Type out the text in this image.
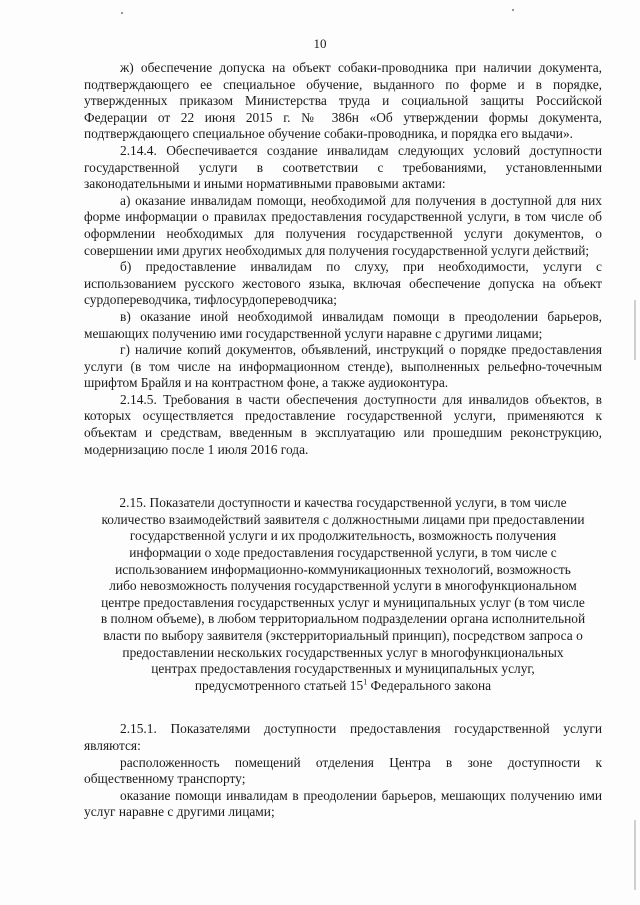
10

ж) обеспечение допуска на объект собаки-проводника при наличии документа, подтверждающего ее специальное обучение, выданного по форме и в порядке, утвержденных приказом Министерства труда и социальной защиты Российской Федерации от 22 июня 2015 г. № 386н «Об утверждении формы документа, подтверждающего специальное обучение собаки-проводника, и порядка его выдачи».

2.14.4. Обеспечивается создание инвалидам следующих условий доступности государственной услуги в соответствии с требованиями, установленными законодательными и иными нормативными правовыми актами:

а) оказание инвалидам помощи, необходимой для получения в доступной для них форме информации о правилах предоставления государственной услуги, в том числе об оформлении необходимых для получения государственной услуги документов, о совершении ими других необходимых для получения государственной услуги действий;

б) предоставление инвалидам по слуху, при необходимости, услуги с использованием русского жестового языка, включая обеспечение допуска на объект сурдопереводчика, тифлосурдопереводчика;

в) оказание иной необходимой инвалидам помощи в преодолении барьеров, мешающих получению ими государственной услуги наравне с другими лицами;

г) наличие копий документов, объявлений, инструкций о порядке предоставления услуги (в том числе на информационном стенде), выполненных рельефно-точечным шрифтом Брайля и на контрастном фоне, а также аудиоконтура.

2.14.5. Требования в части обеспечения доступности для инвалидов объектов, в которых осуществляется предоставление государственной услуги, применяются к объектам и средствам, введенным в эксплуатацию или прошедшим реконструкцию, модернизацию после 1 июля 2016 года.

2.15. Показатели доступности и качества государственной услуги, в том числе
количество взаимодействий заявителя с должностными лицами при предоставлении
государственной услуги и их продолжительность, возможность получения
информации о ходе предоставления государственной услуги, в том числе с
использованием информационно-коммуникационных технологий, возможность
либо невозможность получения государственной услуги в многофункциональном
центре предоставления государственных услуг и муниципальных услуг (в том числе
в полном объеме), в любом территориальном подразделении органа исполнительной
власти по выбору заявителя (экстерриториальный принцип), посредством запроса о
предоставлении нескольких государственных услуг в многофункциональных
центрах предоставления государственных и муниципальных услуг,
предусмотренного статьей $15^1$ Федерального закона

2.15.1. Показателями доступности предоставления государственной услуги являются:

расположенность помещений отделения Центра в зоне доступности к общественному транспорту;

оказание помощи инвалидам в преодолении барьеров, мешающих получению ими услуг наравне с другими лицами;
